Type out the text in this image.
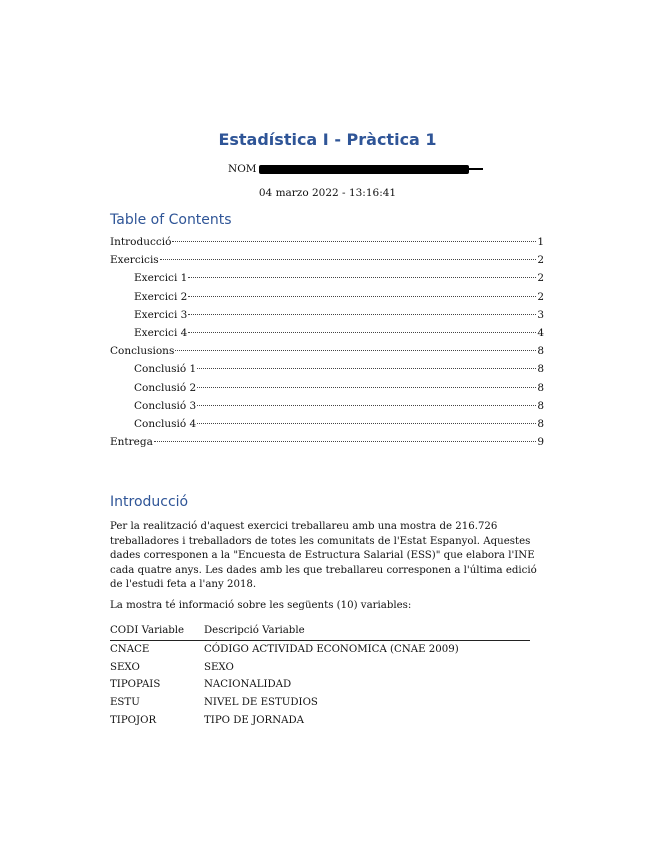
Estadística I - Pràctica 1
NOM
04 marzo 2022 - 13:16:41
Table of Contents
Introducció	1
Exercicis	2
Exercici 1	2
Exercici 2	2
Exercici 3	3
Exercici 4	4
Conclusions	8
Conclusió 1	8
Conclusió 2	8
Conclusió 3	8
Conclusió 4	8
Entrega	9
Introducció
Per la realització d'aquest exercici treballareu amb una mostra de 216.726 treballadores i treballadors de totes les comunitats de l'Estat Espanyol. Aquestes dades corresponen a la "Encuesta de Estructura Salarial (ESS)" que elabora l'INE cada quatre anys. Les dades amb les que treballareu corresponen a l'última edició de l'estudi feta a l'any 2018.
La mostra té informació sobre les següents (10) variables:
CODI Variable	Descripció Variable
CNACE	CÓDIGO ACTIVIDAD ECONOMICA (CNAE 2009)
SEXO	SEXO
TIPOPAIS	NACIONALIDAD
ESTU	NIVEL DE ESTUDIOS
TIPOJOR	TIPO DE JORNADA
